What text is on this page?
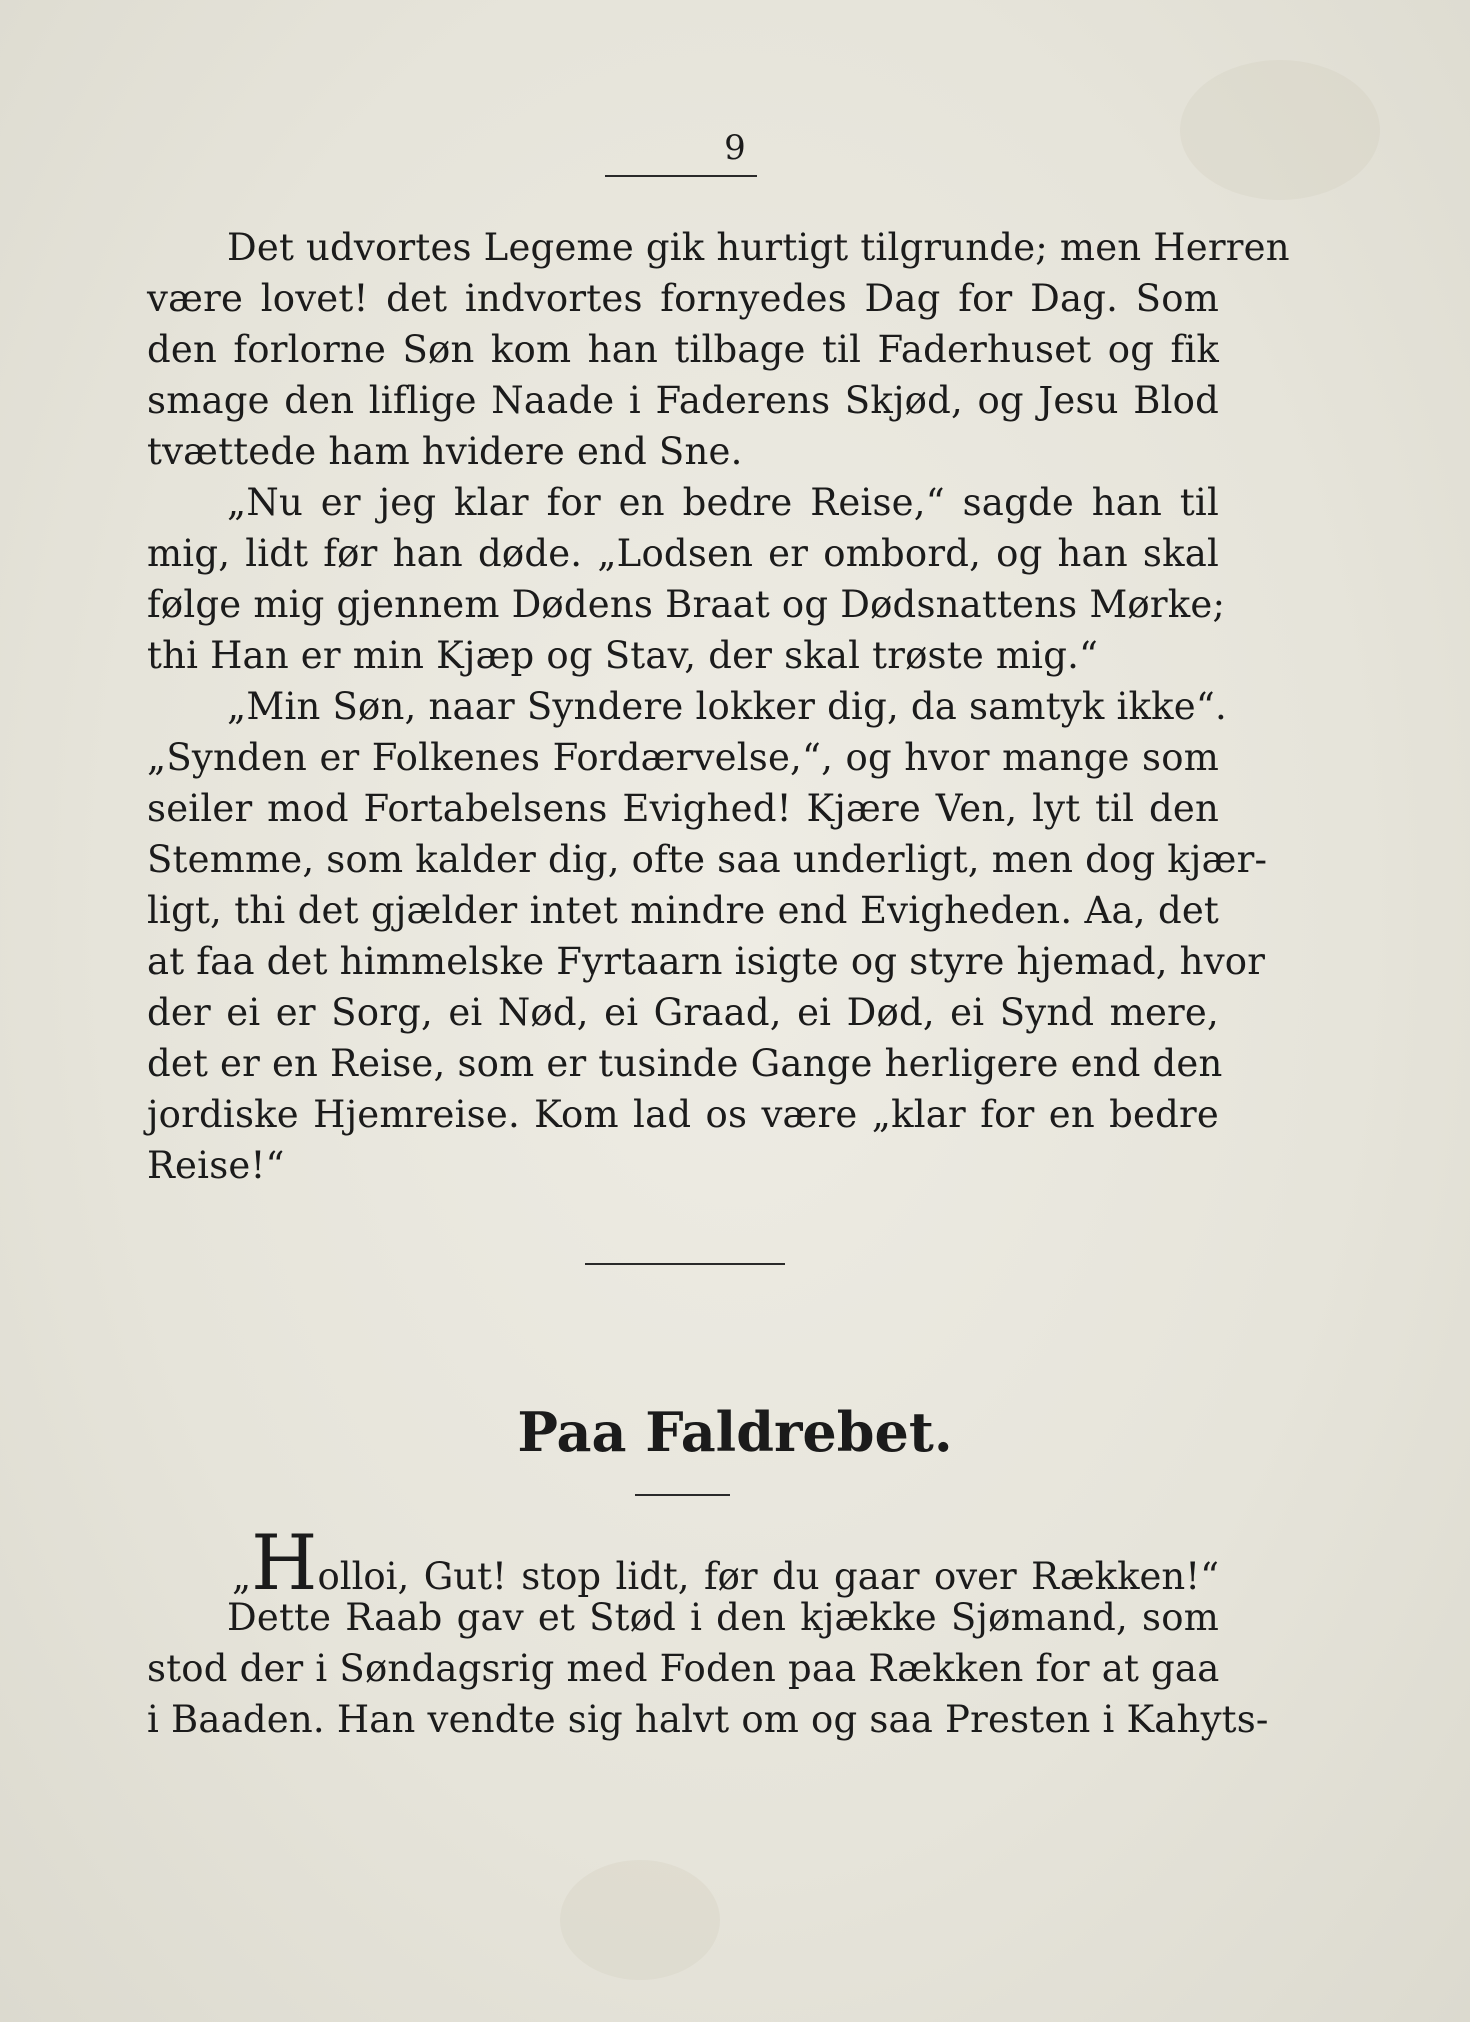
9
Det udvortes Legeme gik hurtigt tilgrunde; men Herren
være lovet! det indvortes fornyedes Dag for Dag. Som
den forlorne Søn kom han tilbage til Faderhuset og fik
smage den liflige Naade i Faderens Skjød, og Jesu Blod
tvættede ham hvidere end Sne.
„Nu er jeg klar for en bedre Reise,“ sagde han til
mig, lidt før han døde. „Lodsen er ombord, og han skal
følge mig gjennem Dødens Braat og Dødsnattens Mørke;
thi Han er min Kjæp og Stav, der skal trøste mig.“
„Min Søn, naar Syndere lokker dig, da samtyk ikke“.
„Synden er Folkenes Fordærvelse,“, og hvor mange som
seiler mod Fortabelsens Evighed! Kjære Ven, lyt til den
Stemme, som kalder dig, ofte saa underligt, men dog kjær-
ligt, thi det gjælder intet mindre end Evigheden. Aa, det
at faa det himmelske Fyrtaarn isigte og styre hjemad, hvor
der ei er Sorg, ei Nød, ei Graad, ei Død, ei Synd mere,
det er en Reise, som er tusinde Gange herligere end den
jordiske Hjemreise. Kom lad os være „klar for en bedre
Reise!“
Paa Faldrebet.
„Holloi, Gut! stop lidt, før du gaar over Rækken!“
Dette Raab gav et Stød i den kjække Sjømand, som
stod der i Søndagsrig med Foden paa Rækken for at gaa
i Baaden. Han vendte sig halvt om og saa Presten i Kahyts-
